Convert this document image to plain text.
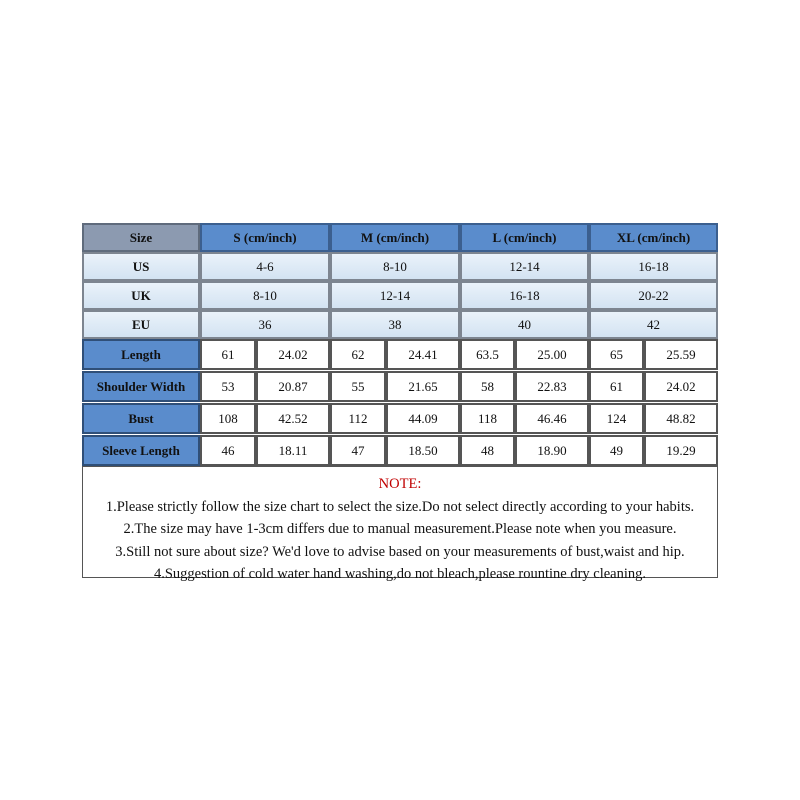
Size	S (cm/inch)	M (cm/inch)	L (cm/inch)	XL (cm/inch)
US	4-6	8-10	12-14	16-18
UK	8-10	12-14	16-18	20-22
EU	36	38	40	42
Length	61	24.02	62	24.41	63.5	25.00	65	25.59
Shoulder Width	53	20.87	55	21.65	58	22.83	61	24.02
Bust	108	42.52	112	44.09	118	46.46	124	48.82
Sleeve Length	46	18.11	47	18.50	48	18.90	49	19.29
NOTE:
1.Please strictly follow the size chart to select the size.Do not select directly according to your habits.
2.The size may have 1-3cm differs due to manual measurement.Please note when you measure.
3.Still not sure about size? We'd love to advise based on your measurements of bust,waist and hip.
4.Suggestion of cold water hand washing,do not bleach,please rountine dry cleaning.
